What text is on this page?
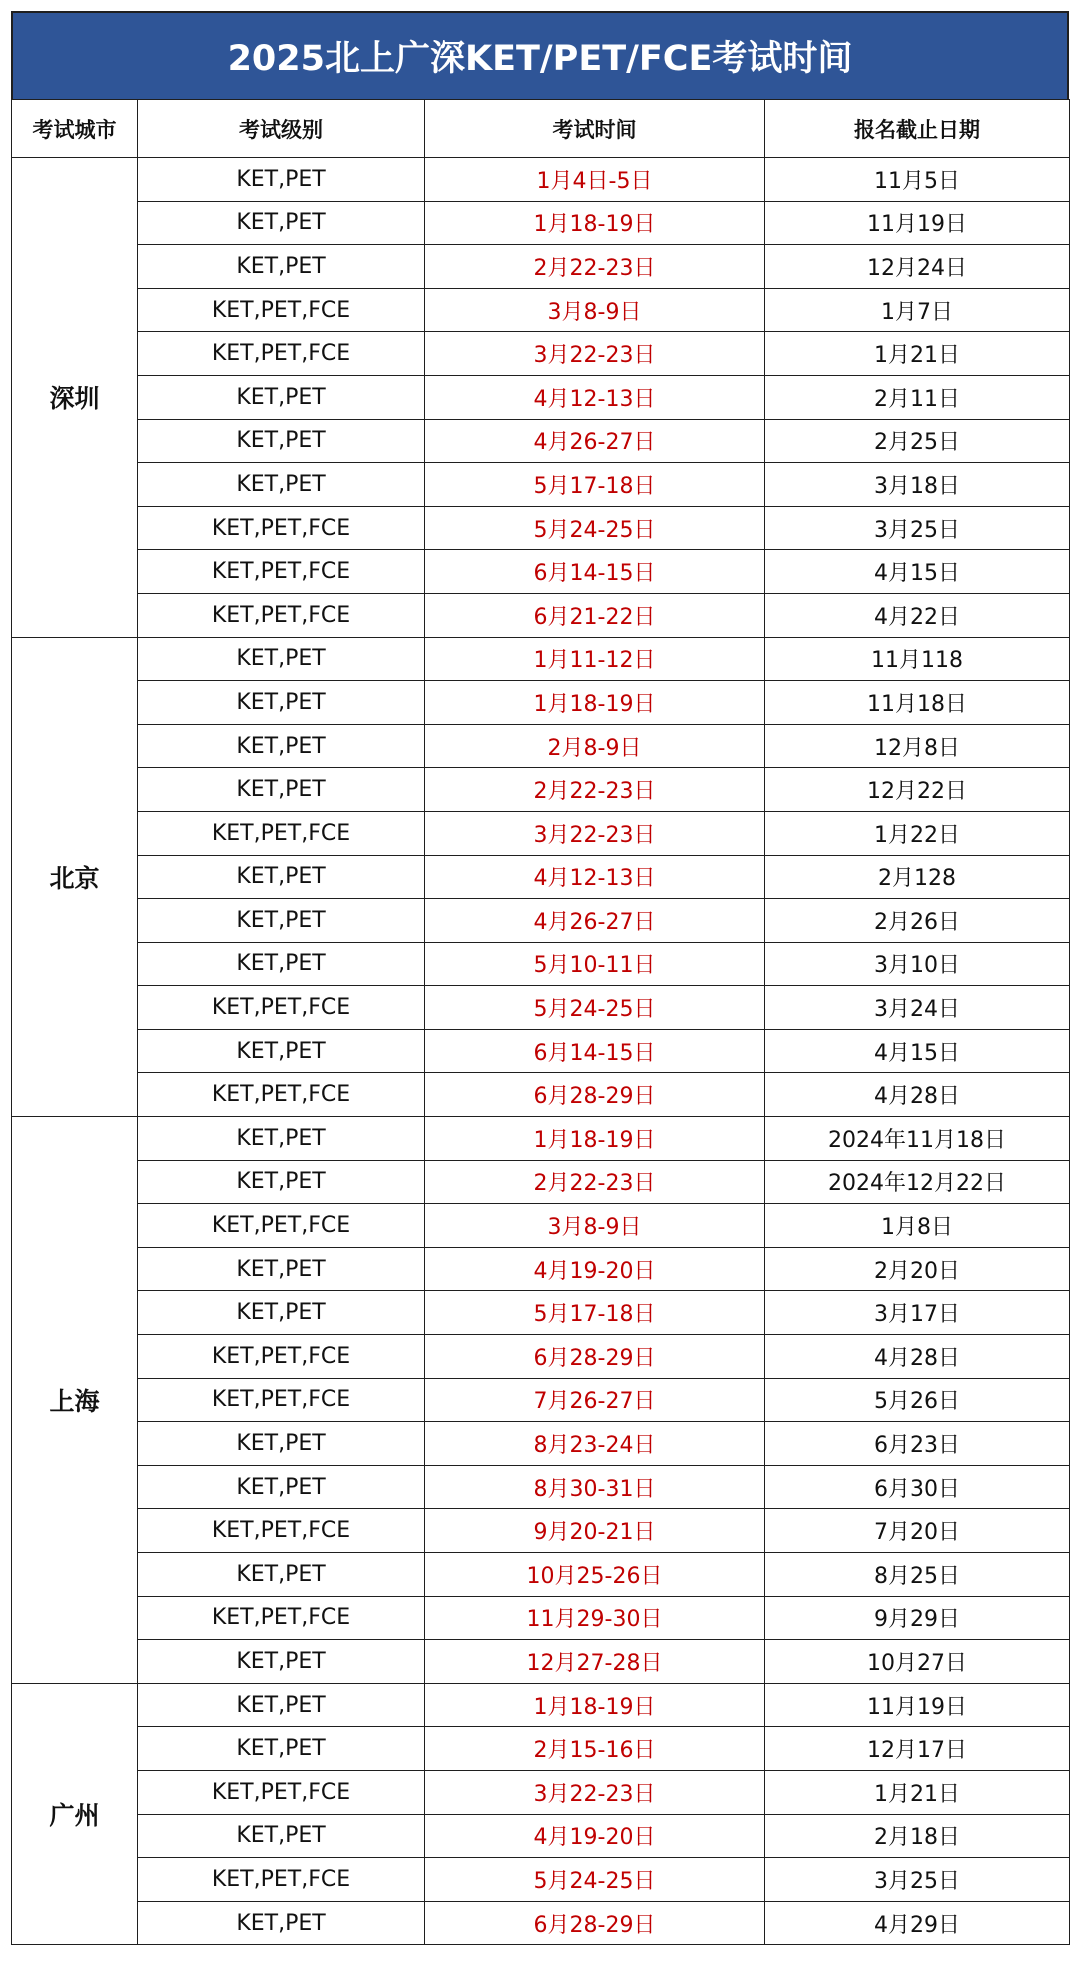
2025北上广深KET/PET/FCE考试时间
考试城市	考试级别	考试时间	报名截止日期
深圳	KET,PET	1月4日-5日	11月5日
	KET,PET	1月18-19日	11月19日
	KET,PET	2月22-23日	12月24日
	KET,PET,FCE	3月8-9日	1月7日
	KET,PET,FCE	3月22-23日	1月21日
	KET,PET	4月12-13日	2月11日
	KET,PET	4月26-27日	2月25日
	KET,PET	5月17-18日	3月18日
	KET,PET,FCE	5月24-25日	3月25日
	KET,PET,FCE	6月14-15日	4月15日
	KET,PET,FCE	6月21-22日	4月22日
北京	KET,PET	1月11-12日	11月118
	KET,PET	1月18-19日	11月18日
	KET,PET	2月8-9日	12月8日
	KET,PET	2月22-23日	12月22日
	KET,PET,FCE	3月22-23日	1月22日
	KET,PET	4月12-13日	2月128
	KET,PET	4月26-27日	2月26日
	KET,PET	5月10-11日	3月10日
	KET,PET,FCE	5月24-25日	3月24日
	KET,PET	6月14-15日	4月15日
	KET,PET,FCE	6月28-29日	4月28日
上海	KET,PET	1月18-19日	2024年11月18日
	KET,PET	2月22-23日	2024年12月22日
	KET,PET,FCE	3月8-9日	1月8日
	KET,PET	4月19-20日	2月20日
	KET,PET	5月17-18日	3月17日
	KET,PET,FCE	6月28-29日	4月28日
	KET,PET,FCE	7月26-27日	5月26日
	KET,PET	8月23-24日	6月23日
	KET,PET	8月30-31日	6月30日
	KET,PET,FCE	9月20-21日	7月20日
	KET,PET	10月25-26日	8月25日
	KET,PET,FCE	11月29-30日	9月29日
	KET,PET	12月27-28日	10月27日
广州	KET,PET	1月18-19日	11月19日
	KET,PET	2月15-16日	12月17日
	KET,PET,FCE	3月22-23日	1月21日
	KET,PET	4月19-20日	2月18日
	KET,PET,FCE	5月24-25日	3月25日
	KET,PET	6月28-29日	4月29日
